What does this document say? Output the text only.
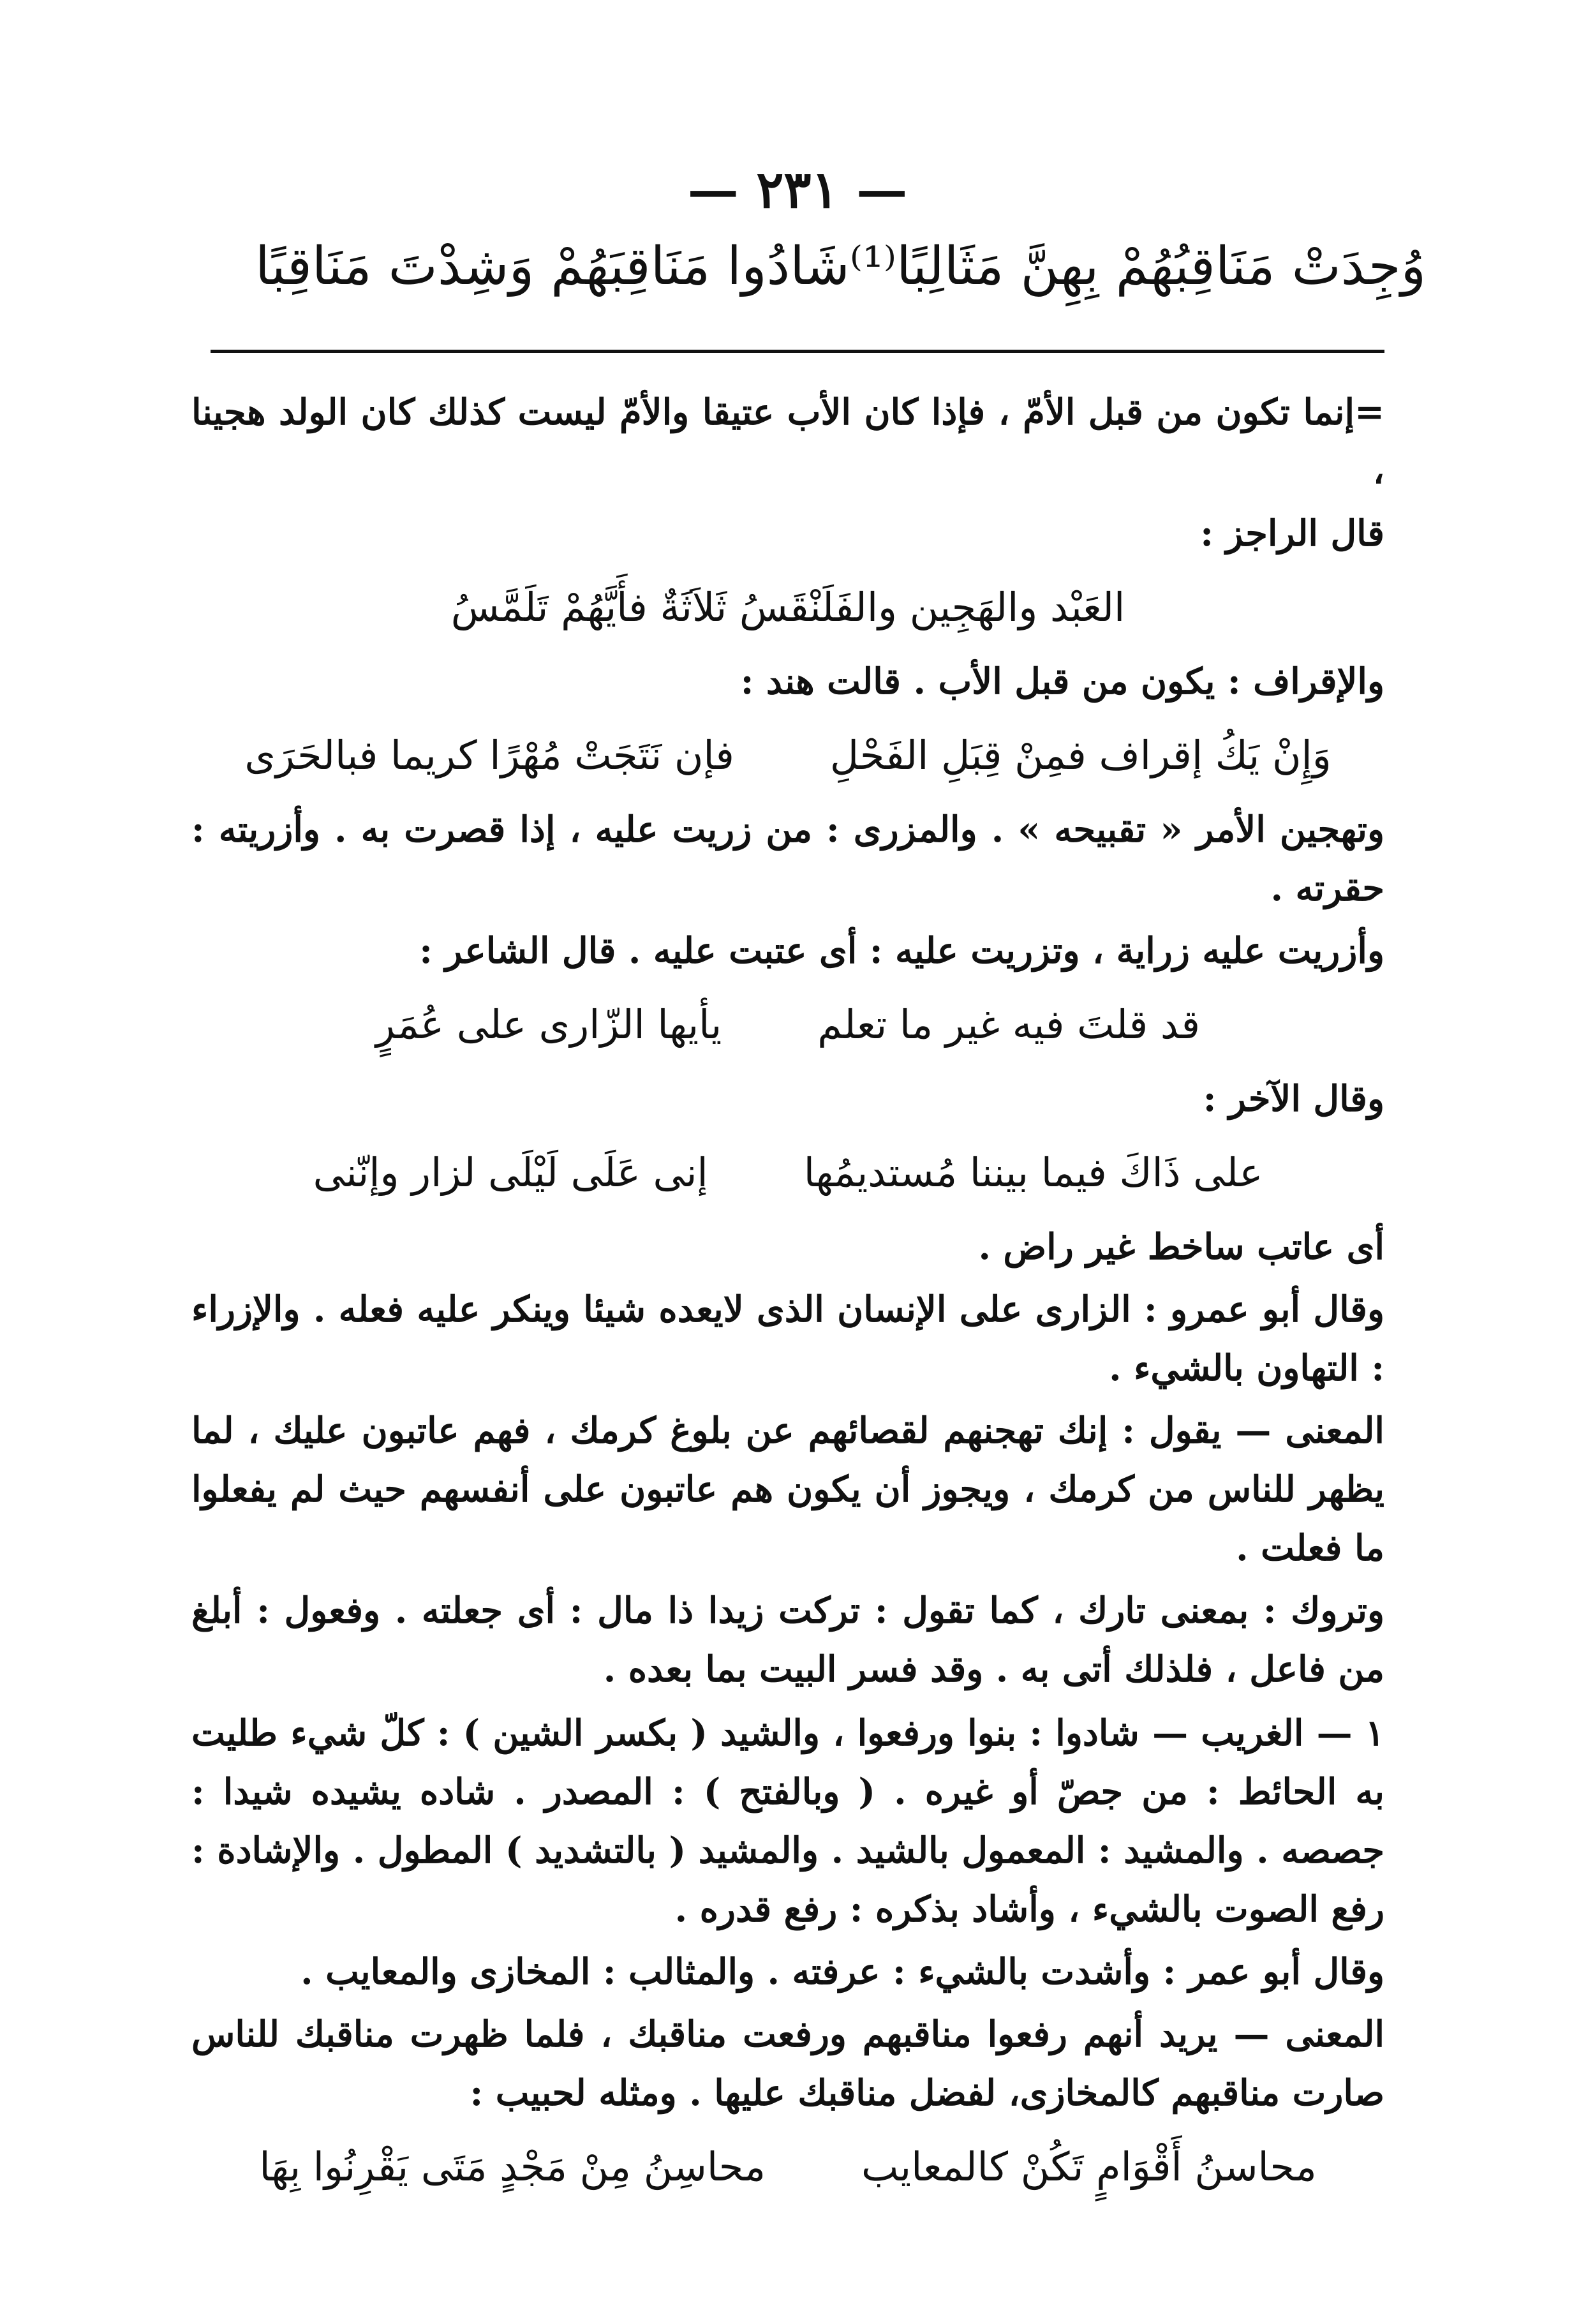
— ٢٣١ —
شَادُوا مَنَاقِبَهُمْ وَشِدْتَ مَنَاقِبًا وُجِدَتْ مَنَاقِبُهُمْ بِهِنَّ مَثَالِبًا⁽¹⁾

=إنما تكون من قبل الأمّ ، فإذا كان الأب عتيقا والأمّ ليست كذلك كان الولد هجينا ،

قال الراجز :

العَبْد والهَجِين والفَلَنْقَسُ ثَلاَثَةٌ فأَيَّهُمْ تَلَمَّسُ

والإقراف : يكون من قبل الأب . قالت هند :

فإن نَتَجَتْ مُهْرًا كريما فبالحَرَى وَإِنْ يَكُ إقراف فمِنْ قِبَلِ الفَحْلِ

وتهجين الأمر « تقبيحه » . والمزرى : من زريت عليه ، إذا قصرت به . وأزريته : حقرته .

وأزريت عليه زراية ، وتزريت عليه : أى عتبت عليه . قال الشاعر :

يأيها الزّارى على عُمَرٍ قد قلتَ فيه غير ما تعلم

وقال الآخر :

إنى عَلَى لَيْلَى لزار وإنّنى على ذَاكَ فيما بيننا مُستديمُها

أى عاتب ساخط غير راض .

وقال أبو عمرو : الزارى على الإنسان الذى لايعده شيئا وينكر عليه فعله . والإزراء : التهاون بالشيء .

المعنى — يقول : إنك تهجنهم لقصائهم عن بلوغ كرمك ، فهم عاتبون عليك ، لما يظهر للناس من كرمك ، ويجوز أن يكون هم عاتبون على أنفسهم حيث لم يفعلوا ما فعلت .

وتروك : بمعنى تارك ، كما تقول : تركت زيدا ذا مال : أى جعلته . وفعول : أبلغ من فاعل ، فلذلك أتى به . وقد فسر البيت بما بعده .

١ — الغريب — شادوا : بنوا ورفعوا ، والشيد ( بكسر الشين ) : كلّ شيء طليت به الحائط : من جصّ أو غيره . ( وبالفتح ) : المصدر . شاده يشيده شيدا : جصصه . والمشيد : المعمول بالشيد . والمشيد ( بالتشديد ) المطول . والإشادة : رفع الصوت بالشيء ، وأشاد بذكره : رفع قدره .

وقال أبو عمر : وأشدت بالشيء : عرفته . والمثالب : المخازى والمعايب .

المعنى — يريد أنهم رفعوا مناقبهم ورفعت مناقبك ، فلما ظهرت مناقبك للناس صارت مناقبهم كالمخازى، لفضل مناقبك عليها . ومثله لحبيب :

محاسِنُ مِنْ مَجْدٍ مَتَى يَقْرِنُوا بِهَا محاسنُ أَقْوَامٍ تَكُنْ كالمعايب
